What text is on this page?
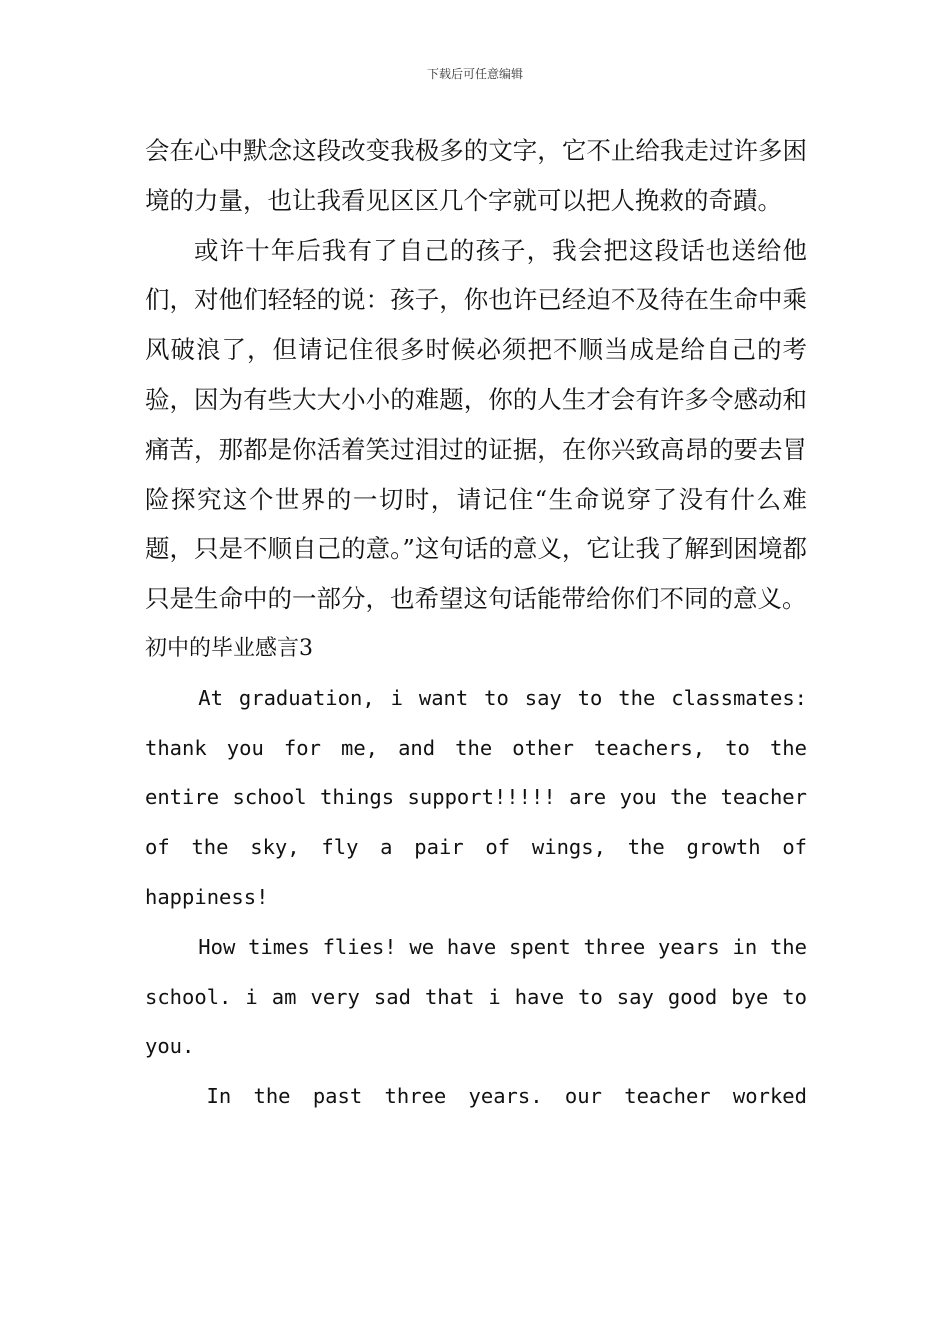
下载后可任意编辑

会在心中默念这段改变我极多的文字，它不止给我走过许多困境的力量，也让我看见区区几个字就可以把人挽救的奇蹟。

或许十年后我有了自己的孩子，我会把这段话也送给他们，对他们轻轻的说：孩子，你也许已经迫不及待在生命中乘风破浪了，但请记住很多时候必须把不顺当成是给自己的考验，因为有些大大小小的难题，你的人生才会有许多令感动和痛苦，那都是你活着笑过泪过的证据，在你兴致高昂的要去冒险探究这个世界的一切时，请记住“生命说穿了没有什么难题，只是不顺自己的意。”这句话的意义，它让我了解到困境都只是生命中的一部分，也希望这句话能带给你们不同的意义。

初中的毕业感言3

At graduation, i want to say to the classmates: thank you for me, and the other teachers, to the entire school things support!!!!! are you the teacher of the sky, fly a pair of wings, the growth of happiness!

How times flies! we have spent three years in the school. i am very sad that i have to say good bye to you.

In the past three years. our teacher worked
